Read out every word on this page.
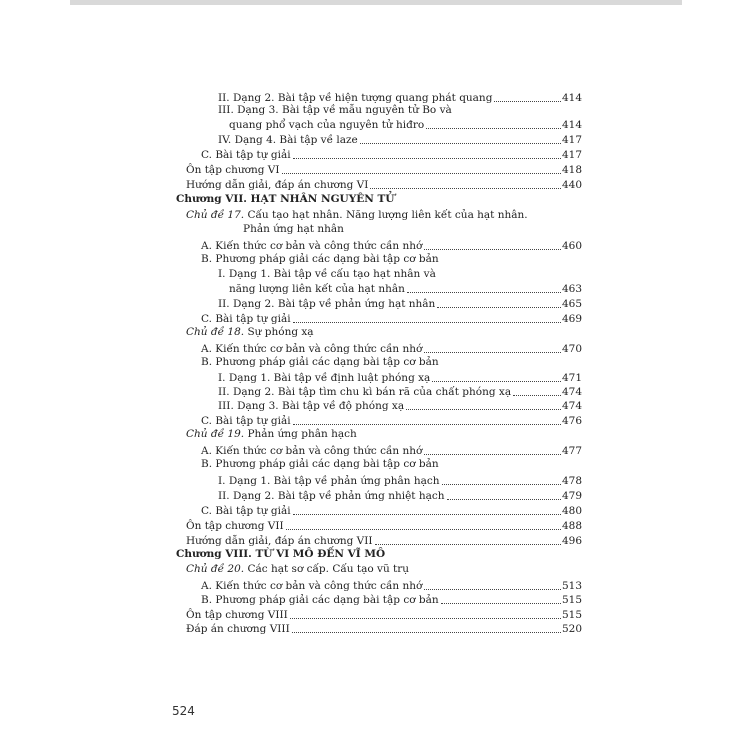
II. Dạng 2. Bài tập về hiện tượng quang phát quang	414
III. Dạng 3. Bài tập về mẫu nguyên tử Bo và
quang phổ vạch của nguyên tử hiđro	414
IV. Dạng 4. Bài tập về laze	417
C. Bài tập tự giải	417
Ôn tập chương VI	418
Hướng dẫn giải, đáp án chương VI	440
Chương VII. HẠT NHÂN NGUYÊN TỬ
Chủ đề 17. Cấu tạo hạt nhân. Năng lượng liên kết của hạt nhân.
Phản ứng hạt nhân
A. Kiến thức cơ bản và công thức cần nhớ	460
B. Phương pháp giải các dạng bài tập cơ bản
I. Dạng 1. Bài tập về cấu tạo hạt nhân và
năng lượng liên kết của hạt nhân	463
II. Dạng 2. Bài tập về phản ứng hạt nhân	465
C. Bài tập tự giải	469
Chủ đề 18. Sự phóng xạ
A. Kiến thức cơ bản và công thức cần nhớ	470
B. Phương pháp giải các dạng bài tập cơ bản
I. Dạng 1. Bài tập về định luật phóng xạ	471
II. Dạng 2. Bài tập tìm chu kì bán rã của chất phóng xạ	474
III. Dạng 3. Bài tập về độ phóng xạ	474
C. Bài tập tự giải	476
Chủ đề 19. Phản ứng phân hạch
A. Kiến thức cơ bản và công thức cần nhớ	477
B. Phương pháp giải các dạng bài tập cơ bản
I. Dạng 1. Bài tập về phản ứng phân hạch	478
II. Dạng 2. Bài tập về phản ứng nhiệt hạch	479
C. Bài tập tự giải	480
Ôn tập chương VII	488
Hướng dẫn giải, đáp án chương VII	496
Chương VIII. TỪ VI MÔ ĐẾN VĨ MÔ
Chủ đề 20. Các hạt sơ cấp. Cấu tạo vũ trụ
A. Kiến thức cơ bản và công thức cần nhớ	513
B. Phương pháp giải các dạng bài tập cơ bản	515
Ôn tập chương VIII	515
Đáp án chương VIII	520
524
